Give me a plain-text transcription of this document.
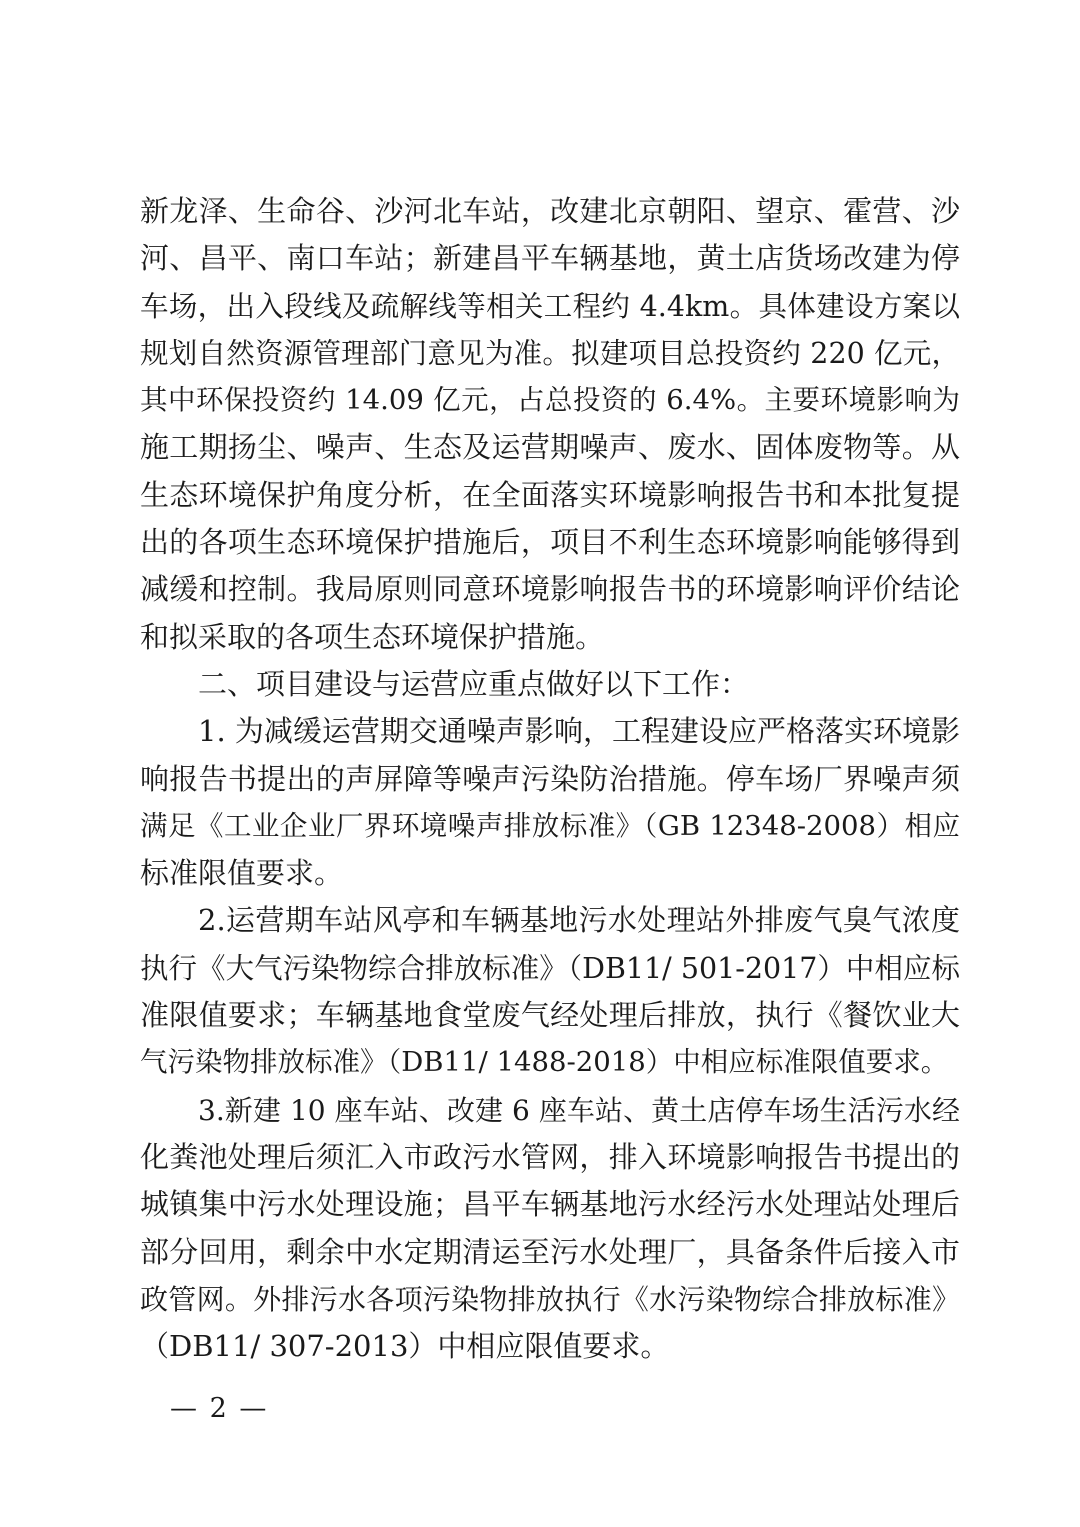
新龙泽、生命谷、沙河北车站，改建北京朝阳、望京、霍营、沙
河、昌平、南口车站；新建昌平车辆基地，黄土店货场改建为停
车场，出入段线及疏解线等相关工程约 4.4km。具体建设方案以
规划自然资源管理部门意见为准。拟建项目总投资约 220 亿元，
其中环保投资约 14.09 亿元，占总投资的 6.4%。主要环境影响为
施工期扬尘、噪声、生态及运营期噪声、废水、固体废物等。从
生态环境保护角度分析，在全面落实环境影响报告书和本批复提
出的各项生态环境保护措施后，项目不利生态环境影响能够得到
减缓和控制。我局原则同意环境影响报告书的环境影响评价结论
和拟采取的各项生态环境保护措施。
二、项目建设与运营应重点做好以下工作：
1. 为减缓运营期交通噪声影响，工程建设应严格落实环境影
响报告书提出的声屏障等噪声污染防治措施。停车场厂界噪声须
满足《工业企业厂界环境噪声排放标准》（GB 12348-2008）相应
标准限值要求。
2.运营期车站风亭和车辆基地污水处理站外排废气臭气浓度
执行《大气污染物综合排放标准》（DB11/ 501-2017）中相应标
准限值要求；车辆基地食堂废气经处理后排放，执行《餐饮业大
气污染物排放标准》（DB11/ 1488-2018）中相应标准限值要求。
3.新建 10 座车站、改建 6 座车站、黄土店停车场生活污水经
化粪池处理后须汇入市政污水管网，排入环境影响报告书提出的
城镇集中污水处理设施；昌平车辆基地污水经污水处理站处理后
部分回用，剩余中水定期清运至污水处理厂，具备条件后接入市
政管网。外排污水各项污染物排放执行《水污染物综合排放标准》
（DB11/ 307-2013）中相应限值要求。
— 2 —
